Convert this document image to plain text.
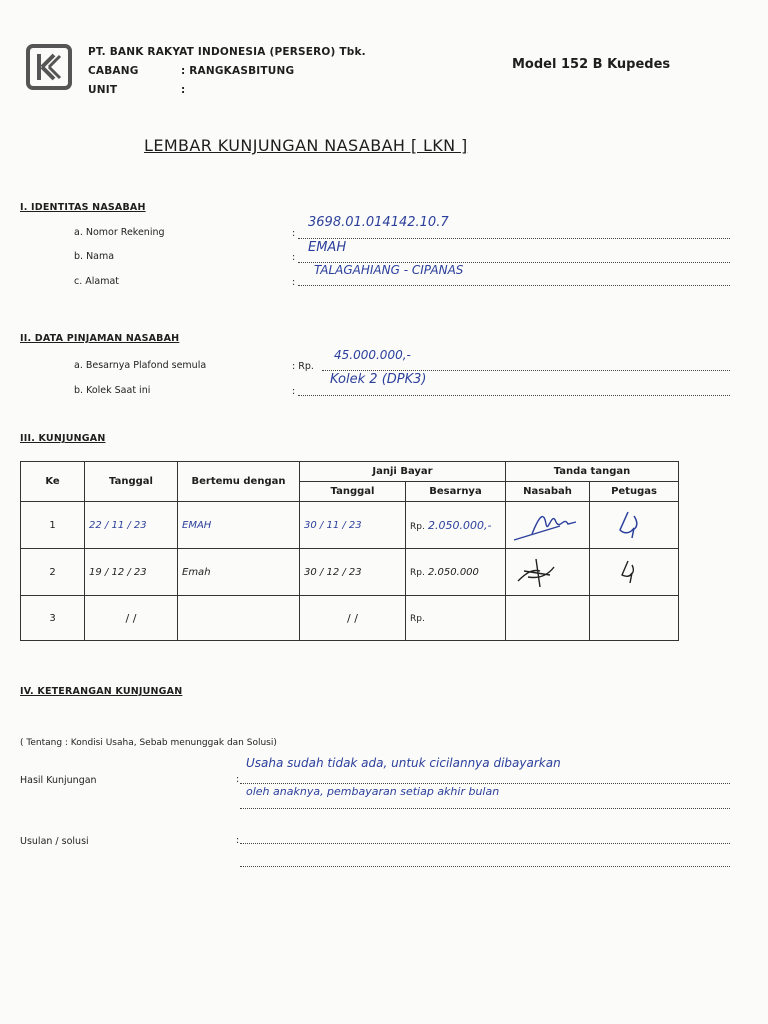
PT. BANK RAKYAT INDONESIA (PERSERO) Tbk.
CABANG	: RANGKASBITUNG
UNIT	:
Model 152 B Kupedes
LEMBAR KUNJUNGAN NASABAH [ LKN ]
I. IDENTITAS NASABAH
a. Nomor Rekening	:
3698.01.014142.10.7
b. Nama	:
EMAH
c. Alamat	:
TALAGAHIANG - CIPANAS
II. DATA PINJAMAN NASABAH
a. Besarnya Plafond semula	: Rp.
45.000.000,-
b. Kolek Saat ini	:
Kolek 2 (DPK3)
III. KUNJUNGAN
Ke	Tanggal	Bertemu dengan	Janji Bayar		Tanda tangan	
			Tanggal	Besarnya	Nasabah	Petugas
1	22 / 11 / 23	EMAH	30 / 11 / 23	Rp. 2.050.000,-		
2	19 / 12 / 23	Emah	30 / 12 / 23	Rp. 2.050.000		
3	/ /		/ /	Rp.		
IV. KETERANGAN KUNJUNGAN
( Tentang : Kondisi Usaha, Sebab menunggak dan Solusi)
Hasil Kunjungan	:
Usaha sudah tidak ada, untuk cicilannya dibayarkan
oleh anaknya, pembayaran setiap akhir bulan
Usulan / solusi	:
